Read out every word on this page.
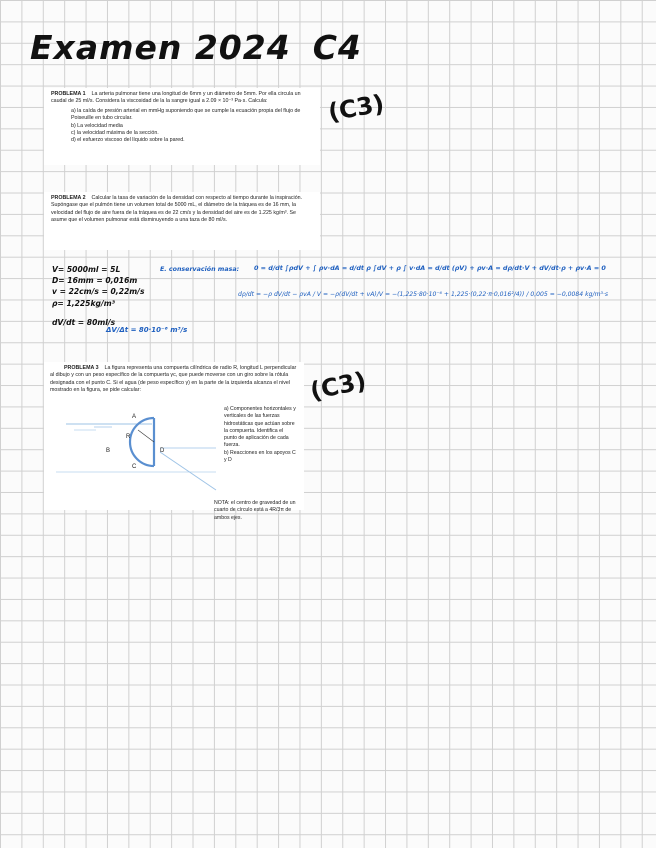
Examen 2024 C4
PROBLEMA 1 La arteria pulmonar tiene una longitud de 6mm y un diámetro de 5mm. Por ella circula un caudal de 25 ml/s. Considera la viscosidad de la la sangre igual a 2.09 × 10⁻³ Pa·s. Calcula:
a) la caída de presión arterial en mmHg suponiendo que se cumple la ecuación propia del flujo de Poiseuille en tubo circular.
b) La velocidad media
c) la velocidad máxima de la sección.
d) el esfuerzo viscoso del líquido sobre la pared.
(C3)
PROBLEMA 2 Calcular la tasa de variación de la densidad con respecto al tiempo durante la inspiración. Supóngase que el pulmón tiene un volumen total de 5000 mL, el diámetro de la tráquea es de 16 mm, la velocidad del flujo de aire fuera de la tráquea es de 22 cm/s y la densidad del aire es de 1.225 kg/m³. Se asume que el volumen pulmonar está disminuyendo a una taza de 80 ml/s.
V= 5000ml = 5L
D= 16mm = 0,016m
v = 22cm/s = 0,22m/s
ρ= 1,225kg/m³
dV/dt = 80ml/s
ΔV/Δt = 80·10⁻⁶ m³/s
E. conservación masa: 0 = d/dt ∫ρdV + ∫ ρv·dA = d/dt ρ ∫dV + ρ ∫ v·dA = d/dt (ρV) + ρv·A = dρ/dt·V + dV/dt·ρ + ρv·A = 0
dρ/dt = −ρ dV/dt − ρvA / V = −ρ(dV/dt + vA)/V = −(1,225·80·10⁻⁶ + 1,225·(0,22·π·0,016²/4)) / 0,005 = −0,0084 kg/m³·s
PROBLEMA 3 La figura representa una compuerta cilíndrica de radio R, longitud L perpendicular al dibujo y con un peso específico de la compuerta γc, que puede moverse con un giro sobre la rótula designada con el punto C. Si el agua (de peso específico γ) en la parte de la izquierda alcanza el nivel mostrado en la figura, se pide calcular:
A
R
B	D
C

a) Componentes horizontales y verticales de las fuerzas hidrostáticas que actúan sobre la compuerta. Identifica el punto de aplicación de cada fuerza.

b) Reacciones en los apoyos C y D

NOTA: el centro de gravedad de un cuarto de círculo está a 4R/3π de ambos ejes.
(C3)
